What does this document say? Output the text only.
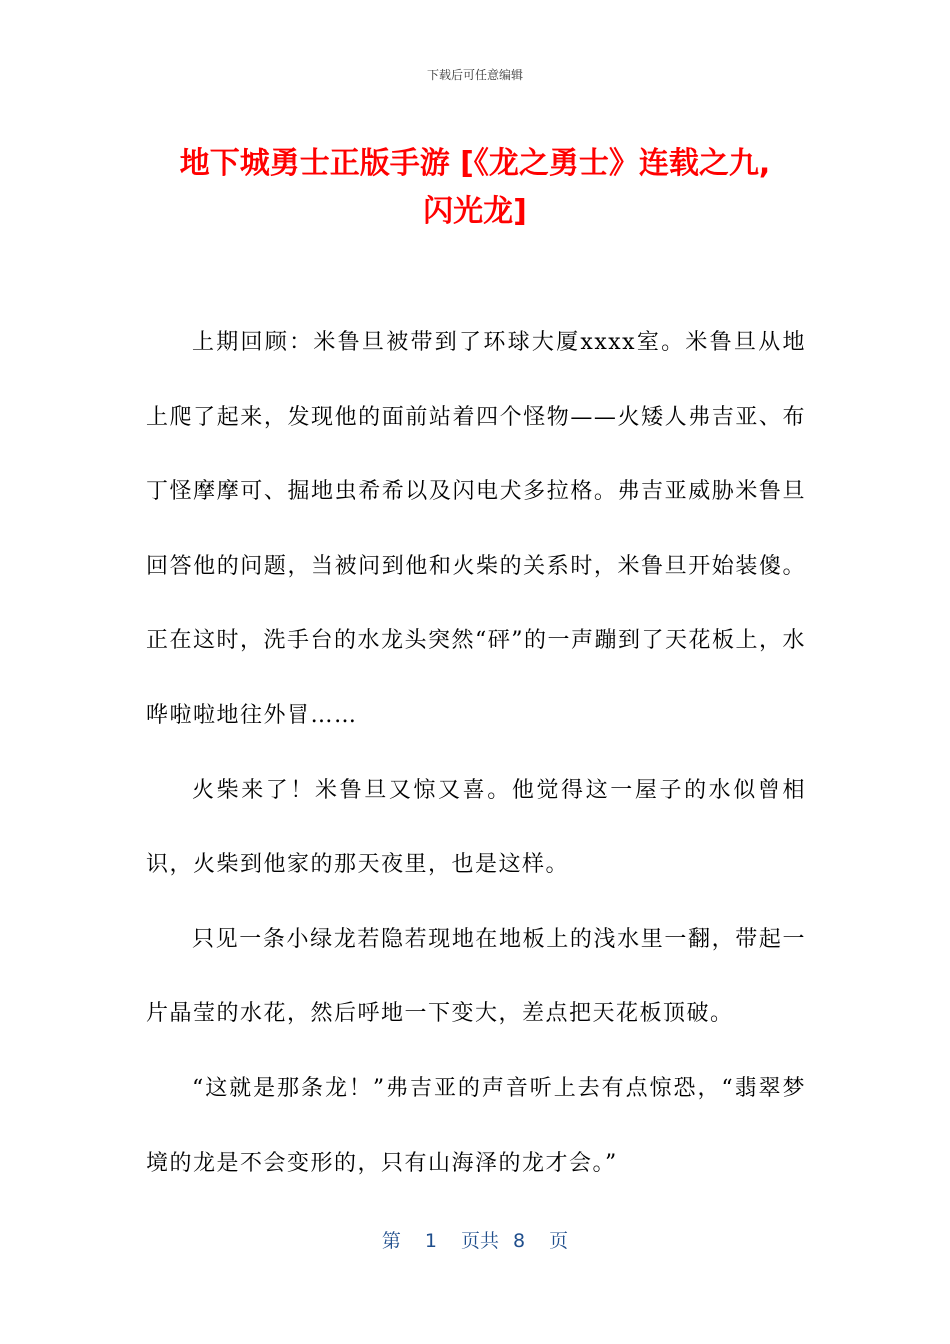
下载后可任意编辑
地下城勇士正版手游 [《龙之勇士》连载之九,
闪光龙]

上期回顾：米鲁旦被带到了环球大厦xxxx室。米鲁旦从地上爬了起来，发现他的面前站着四个怪物——火矮人弗吉亚、布丁怪摩摩可、掘地虫希希以及闪电犬多拉格。弗吉亚威胁米鲁旦回答他的问题，当被问到他和火柴的关系时，米鲁旦开始装傻。正在这时，洗手台的水龙头突然“砰”的一声蹦到了天花板上，水哗啦啦地往外冒……

火柴来了！米鲁旦又惊又喜。他觉得这一屋子的水似曾相识，火柴到他家的那天夜里，也是这样。

只见一条小绿龙若隐若现地在地板上的浅水里一翻，带起一片晶莹的水花，然后呼地一下变大，差点把天花板顶破。

“这就是那条龙！”弗吉亚的声音听上去有点惊恐，“翡翠梦境的龙是不会变形的，只有山海泽的龙才会。”

第 1 页共 8 页
